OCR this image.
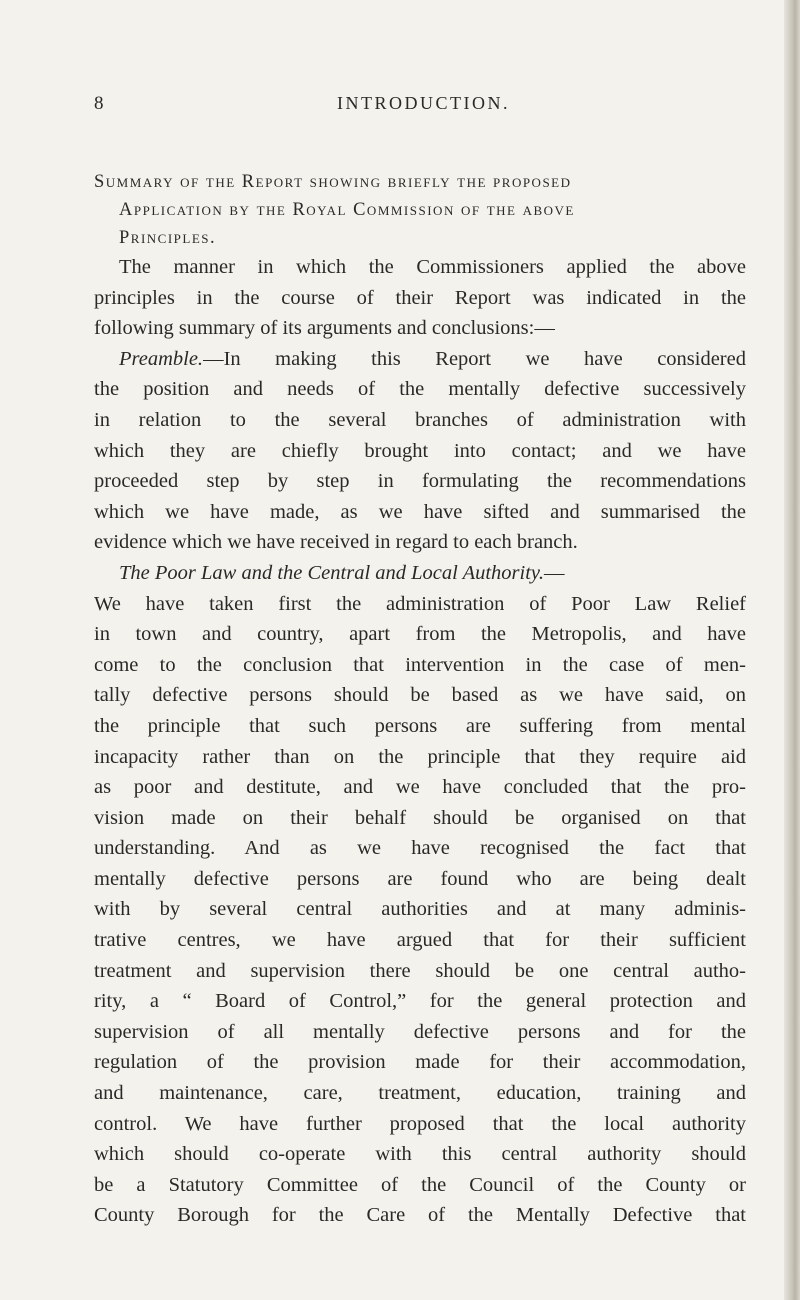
8	INTRODUCTION.
Summary of the Report showing briefly the proposed
Application by the Royal Commission of the above
Principles.
The manner in which the Commissioners applied the above
principles in the course of their Report was indicated in the
following summary of its arguments and conclusions:—
Preamble.—In making this Report we have considered
the position and needs of the mentally defective successively
in relation to the several branches of administration with
which they are chiefly brought into contact; and we have
proceeded step by step in formulating the recommendations
which we have made, as we have sifted and summarised the
evidence which we have received in regard to each branch.
The Poor Law and the Central and Local Authority.—
We have taken first the administration of Poor Law Relief
in town and country, apart from the Metropolis, and have
come to the conclusion that intervention in the case of men-
tally defective persons should be based as we have said, on
the principle that such persons are suffering from mental
incapacity rather than on the principle that they require aid
as poor and destitute, and we have concluded that the pro-
vision made on their behalf should be organised on that
understanding. And as we have recognised the fact that
mentally defective persons are found who are being dealt
with by several central authorities and at many adminis-
trative centres, we have argued that for their sufficient
treatment and supervision there should be one central autho-
rity, a “ Board of Control,” for the general protection and
supervision of all mentally defective persons and for the
regulation of the provision made for their accommodation,
and maintenance, care, treatment, education, training and
control. We have further proposed that the local authority
which should co-operate with this central authority should
be a Statutory Committee of the Council of the County or
County Borough for the Care of the Mentally Defective that
